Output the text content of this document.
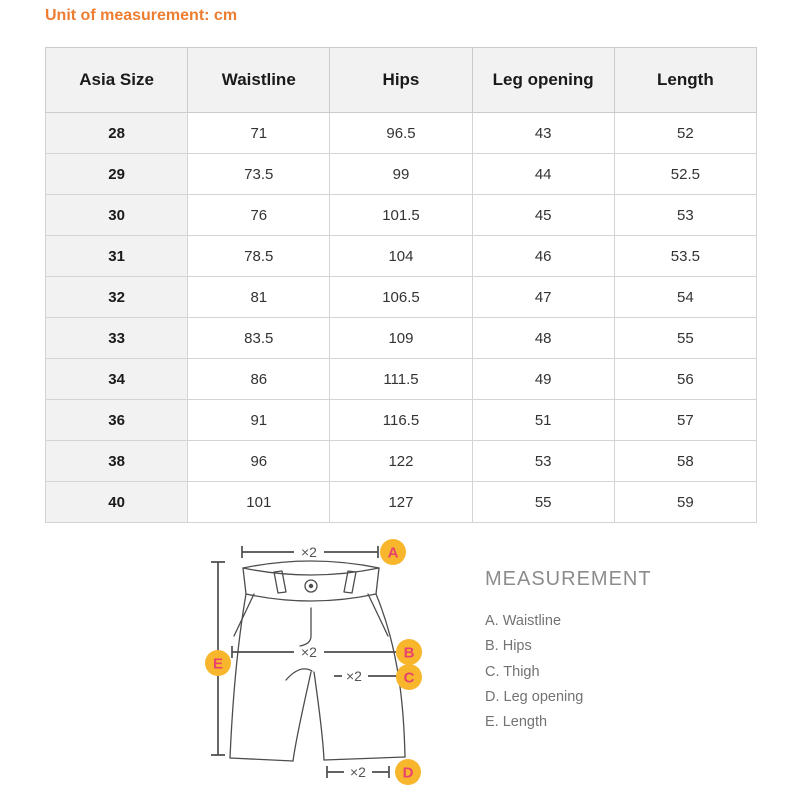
Unit of measurement: cm
Asia Size	Waistline	Hips	Leg opening	Length
28	71	96.5	43	52
29	73.5	99	44	52.5
30	76	101.5	45	53
31	78.5	104	46	53.5
32	81	106.5	47	54
33	83.5	109	48	55
34	86	111.5	49	56
36	91	116.5	51	57
38	96	122	53	58
40	101	127	55	59
×2
×2
×2
×2
A
B
C
D
E
MEASUREMENT
A. Waistline
B. Hips
C. Thigh
D. Leg opening
E. Length
